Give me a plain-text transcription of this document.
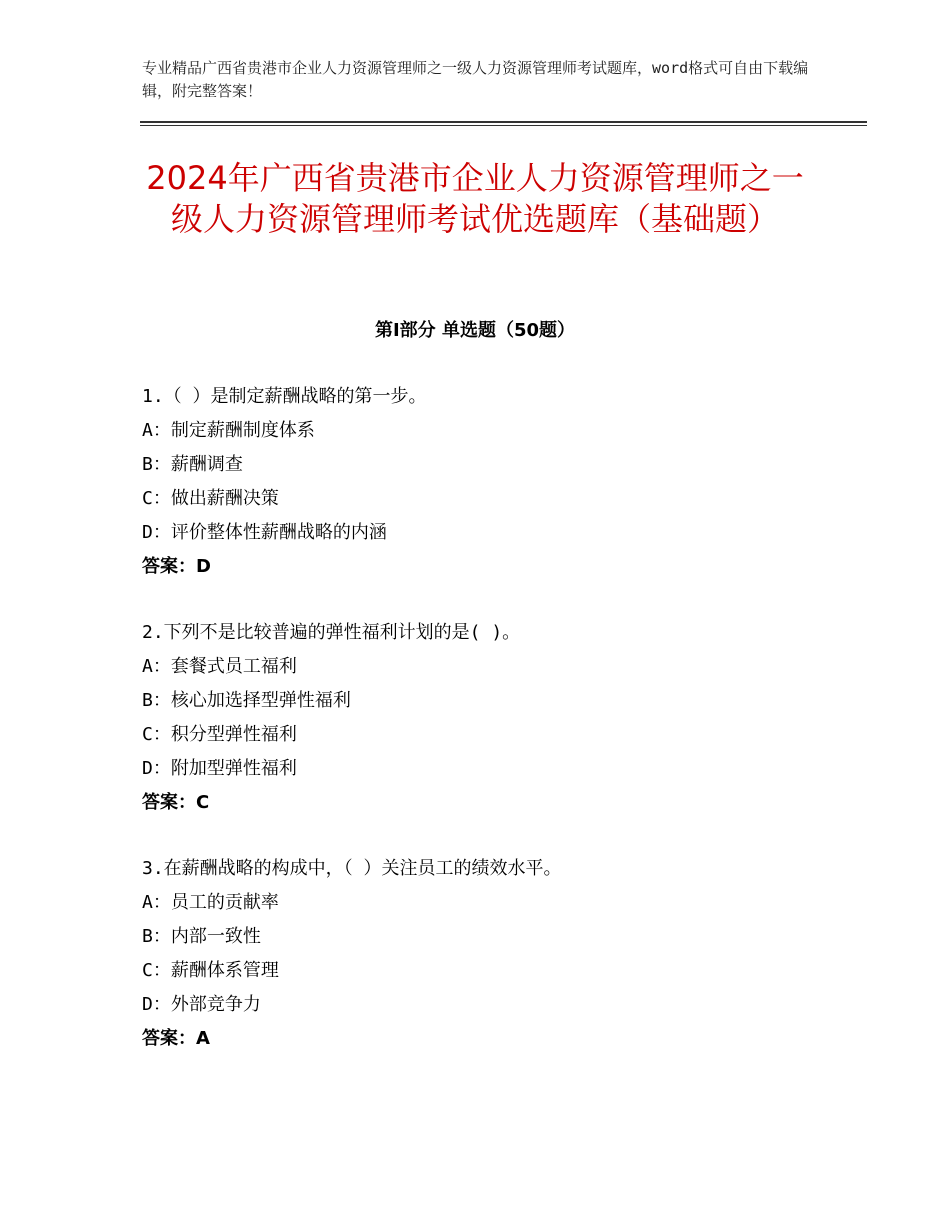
专业精品广西省贵港市企业人力资源管理师之一级人力资源管理师考试题库，word格式可自由下载编辑，附完整答案！
2024年广西省贵港市企业人力资源管理师之一级人力资源管理师考试优选题库（基础题）
第Ⅰ部分 单选题（50题）
1.（ ）是制定薪酬战略的第一步。
A：制定薪酬制度体系
B：薪酬调查
C：做出薪酬决策
D：评价整体性薪酬战略的内涵
答案：D
2.下列不是比较普遍的弹性福利计划的是( )。
A：套餐式员工福利
B：核心加选择型弹性福利
C：积分型弹性福利
D：附加型弹性福利
答案：C
3.在薪酬战略的构成中，（ ）关注员工的绩效水平。
A：员工的贡献率
B：内部一致性
C：薪酬体系管理
D：外部竞争力
答案：A
